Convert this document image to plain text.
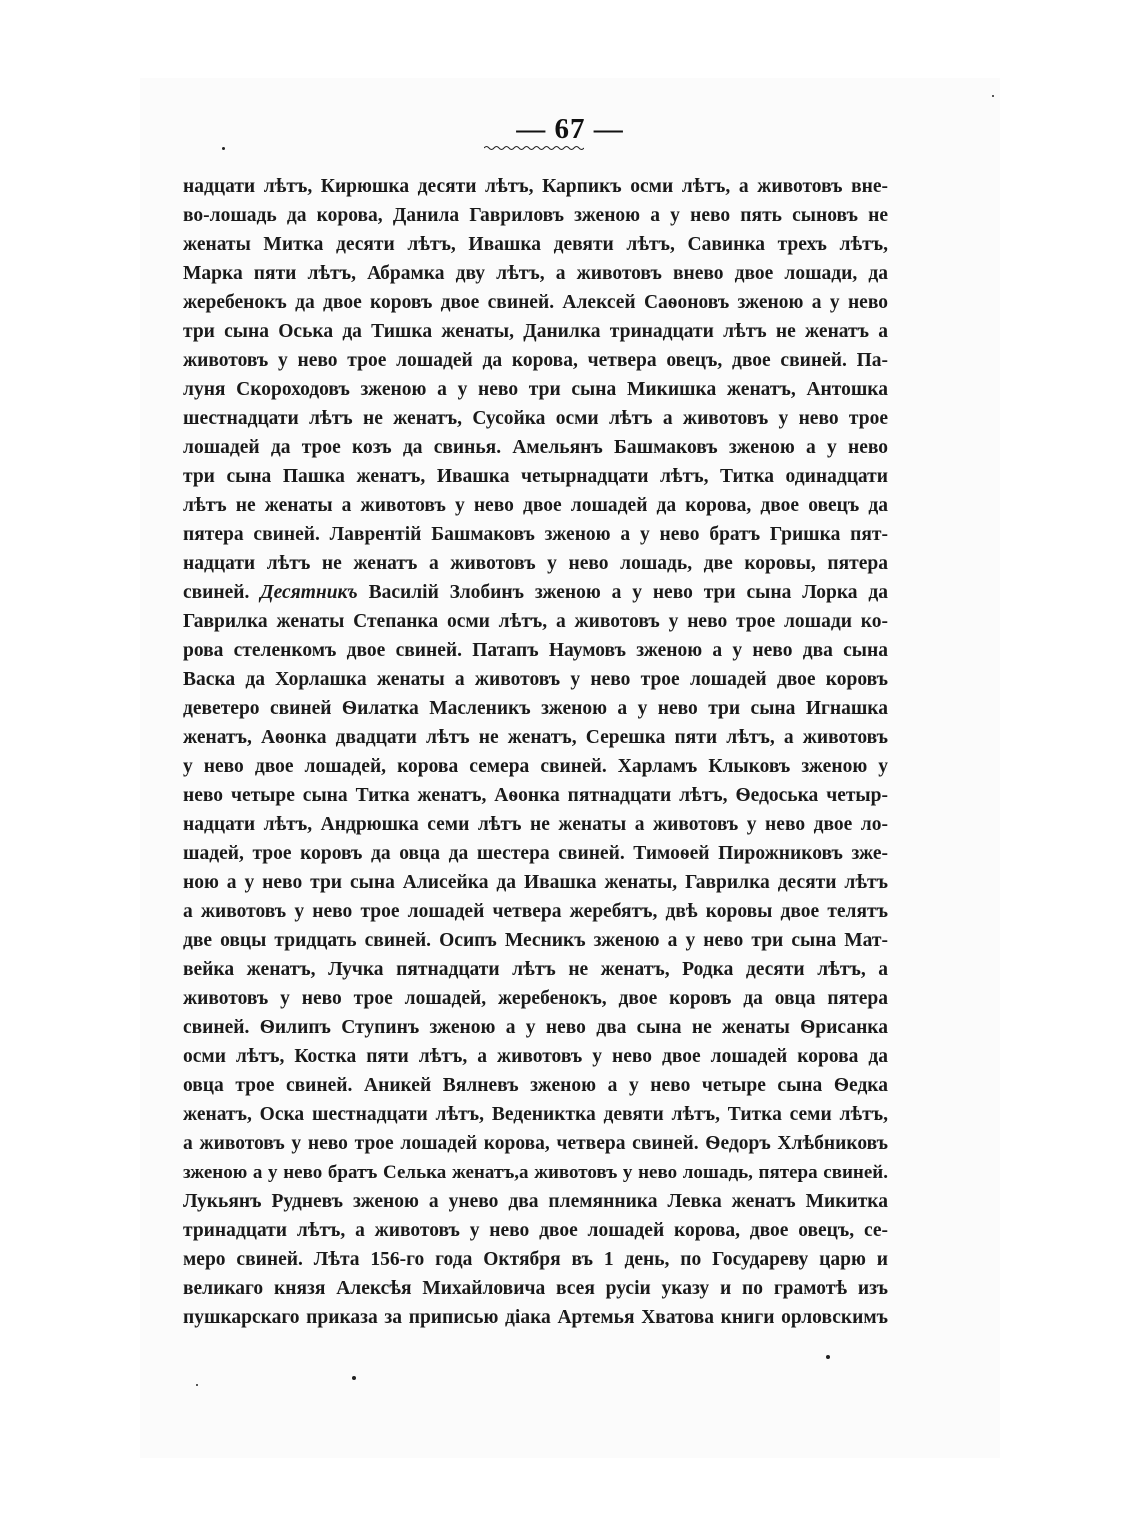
— 67 —
надцати лѣтъ, Кирюшка десяти лѣтъ, Карпикъ осми лѣтъ, а животовъ вне-
во-лошадь да корова, Данила Гавриловъ зженою а у нево пять сыновъ не
женаты Митка десяти лѣтъ, Ивашка девяти лѣтъ, Савинка трехъ лѣтъ,
Марка пяти лѣтъ, Абрамка дву лѣтъ, а животовъ внево двое лошади, да
жеребенокъ да двое коровъ двое свиней. Алексей Саѳоновъ зженою а у нево
три сына Оська да Тишка женаты, Данилка тринадцати лѣтъ не женатъ а
животовъ у нево трое лошадей да корова, четвера овецъ, двое свиней. Па-
луня Скороходовъ зженою а у нево три сына Микишка женатъ, Антошка
шестнадцати лѣтъ не женатъ, Сусойка осми лѣтъ а животовъ у нево трое
лошадей да трое козъ да свинья. Амельянъ Башмаковъ зженою а у нево
три сына Пашка женатъ, Ивашка четырнадцати лѣтъ, Титка одинадцати
лѣтъ не женаты а животовъ у нево двое лошадей да корова, двое овецъ да
пятера свиней. Лаврентій Башмаковъ зженою а у нево братъ Гришка пят-
надцати лѣтъ не женатъ а животовъ у нево лошадь, две коровы, пятера
свиней. Десятникъ Василій Злобинъ зженою а у нево три сына Лорка да
Гаврилка женаты Степанка осми лѣтъ, а животовъ у нево трое лошади ко-
рова стеленкомъ двое свиней. Патапъ Наумовъ зженою а у нево два сына
Васка да Хорлашка женаты а животовъ у нево трое лошадей двое коровъ
деветеро свиней Ѳилатка Масленикъ зженою а у нево три сына Игнашка
женатъ, Аѳонка двадцати лѣтъ не женатъ, Серешка пяти лѣтъ, а животовъ
у нево двое лошадей, корова семера свиней. Харламъ Клыковъ зженою у
нево четыре сына Титка женатъ, Аѳонка пятнадцати лѣтъ, Ѳедоська четыр-
надцати лѣтъ, Андрюшка семи лѣтъ не женаты а животовъ у нево двое ло-
шадей, трое коровъ да овца да шестера свиней. Тимоѳей Пирожниковъ зже-
ною а у нево три сына Алисейка да Ивашка женаты, Гаврилка десяти лѣтъ
а животовъ у нево трое лошадей четвера жеребятъ, двѣ коровы двое телятъ
две овцы тридцать свиней. Осипъ Месникъ зженою а у нево три сына Мат-
вейка женатъ, Лучка пятнадцати лѣтъ не женатъ, Родка десяти лѣтъ, а
животовъ у нево трое лошадей, жеребенокъ, двое коровъ да овца пятера
свиней. Ѳилипъ Ступинъ зженою а у нево два сына не женаты Ѳрисанка
осми лѣтъ, Костка пяти лѣтъ, а животовъ у нево двое лошадей корова да
овца трое свиней. Аникей Вялневъ зженою а у нево четыре сына Ѳедка
женатъ, Оска шестнадцати лѣтъ, Ведениктка девяти лѣтъ, Титка семи лѣтъ,
а животовъ у нево трое лошадей корова, четвера свиней. Ѳедоръ Хлѣбниковъ
зженою а у нево братъ Селька женатъ,а животовъ у нево лошадь, пятера свиней.
Лукьянъ Рудневъ зженою а унево два племянника Левка женатъ Микитка
тринадцати лѣтъ, а животовъ у нево двое лошадей корова, двое овецъ, се-
меро свиней. Лѣта 156-го года Октября въ 1 день, по Государеву царю и
великаго князя Алексѣя Михайловича всея русіи указу и по грамотѣ изъ
пушкарскаго приказа за приписью діака Артемья Хватова книги орловскимъ
